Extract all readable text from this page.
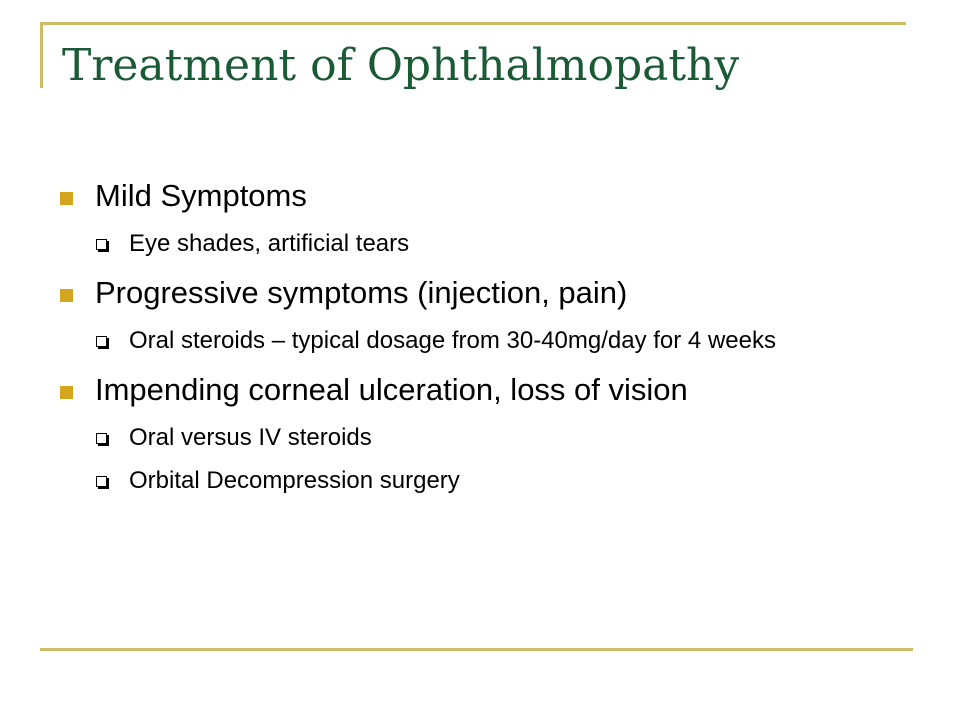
Treatment of Ophthalmopathy
Mild Symptoms
Eye shades, artificial tears
Progressive symptoms (injection, pain)
Oral steroids – typical dosage from 30-40mg/day for 4 weeks
Impending corneal ulceration, loss of vision
Oral versus IV steroids
Orbital Decompression surgery
